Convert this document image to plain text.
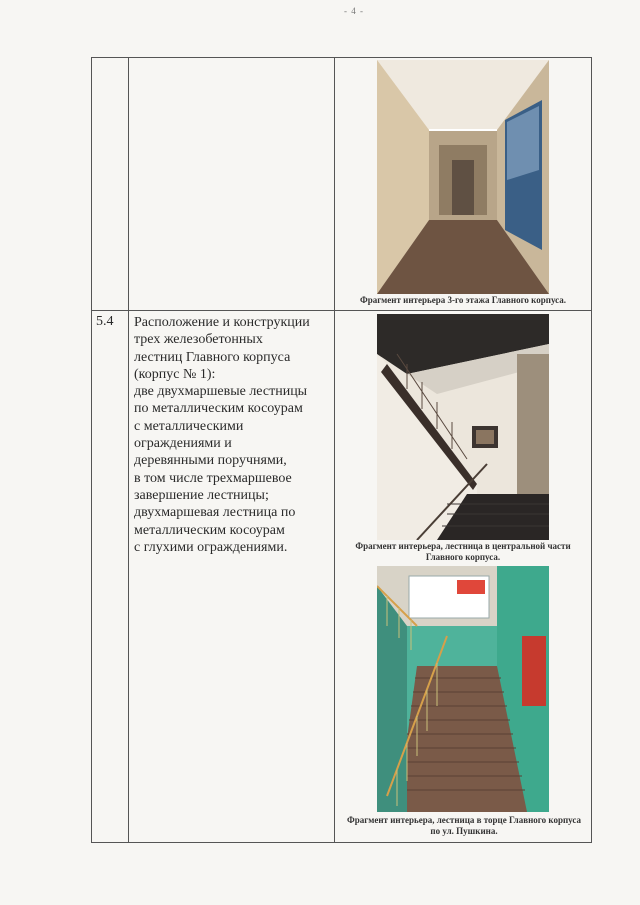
- 4 -
Фрагмент интерьера 3-го этажа Главного корпуса.
5.4 Расположение и конструкции
трех железобетонных
лестниц Главного корпуса
(корпус № 1):
две двухмаршевые лестницы
по металлическим косоурам
с металлическими
ограждениями и
деревянными поручнями,
в том числе трехмаршевое
завершение лестницы;
двухмаршевая лестница по
металлическим косоурам
с глухими ограждениями.	Фрагмент интерьера, лестница в центральной части Главного корпуса.
Фрагмент интерьера, лестница в торце Главного корпуса по ул. Пушкина.
